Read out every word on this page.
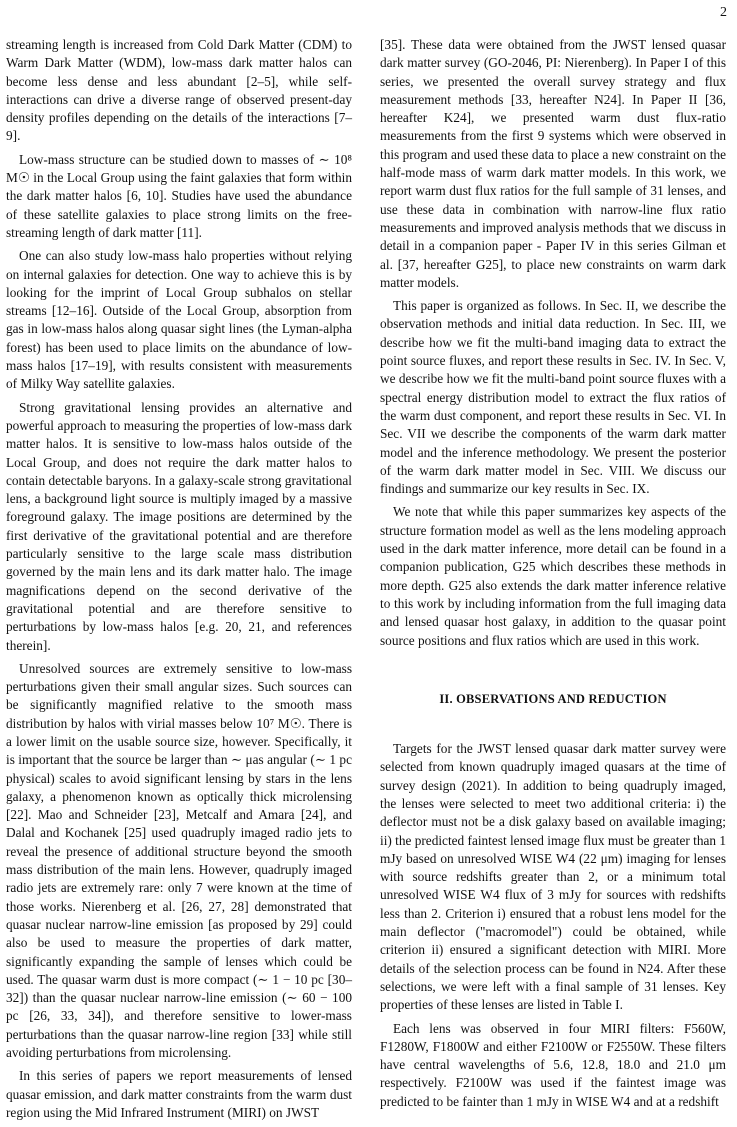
2

streaming length is increased from Cold Dark Matter (CDM) to Warm Dark Matter (WDM), low-mass dark matter halos can become less dense and less abundant [2–5], while self-interactions can drive a diverse range of observed present-day density profiles depending on the details of the interactions [7–9].

Low-mass structure can be studied down to masses of ∼ 10⁸ M☉ in the Local Group using the faint galaxies that form within the dark matter halos [6, 10]. Studies have used the abundance of these satellite galaxies to place strong limits on the free-streaming length of dark matter [11].

One can also study low-mass halo properties without relying on internal galaxies for detection. One way to achieve this is by looking for the imprint of Local Group subhalos on stellar streams [12–16]. Outside of the Local Group, absorption from gas in low-mass halos along quasar sight lines (the Lyman-alpha forest) has been used to place limits on the abundance of low-mass halos [17–19], with results consistent with measurements of Milky Way satellite galaxies.

Strong gravitational lensing provides an alternative and powerful approach to measuring the properties of low-mass dark matter halos. It is sensitive to low-mass halos outside of the Local Group, and does not require the dark matter halos to contain detectable baryons. In a galaxy-scale strong gravitational lens, a background light source is multiply imaged by a massive foreground galaxy. The image positions are determined by the first derivative of the gravitational potential and are therefore particularly sensitive to the large scale mass distribution governed by the main lens and its dark matter halo. The image magnifications depend on the second derivative of the gravitational potential and are therefore sensitive to perturbations by low-mass halos [e.g. 20, 21, and references therein].

Unresolved sources are extremely sensitive to low-mass perturbations given their small angular sizes. Such sources can be significantly magnified relative to the smooth mass distribution by halos with virial masses below 10⁷ M☉. There is a lower limit on the usable source size, however. Specifically, it is important that the source be larger than ∼ μas angular (∼ 1 pc physical) scales to avoid significant lensing by stars in the lens galaxy, a phenomenon known as optically thick microlensing [22]. Mao and Schneider [23], Metcalf and Amara [24], and Dalal and Kochanek [25] used quadruply imaged radio jets to reveal the presence of additional structure beyond the smooth mass distribution of the main lens. However, quadruply imaged radio jets are extremely rare: only 7 were known at the time of those works. Nierenberg et al. [26, 27, 28] demonstrated that quasar nuclear narrow-line emission [as proposed by 29] could also be used to measure the properties of dark matter, significantly expanding the sample of lenses which could be used. The quasar warm dust is more compact (∼ 1 − 10 pc [30–32]) than the quasar nuclear narrow-line emission (∼ 60 − 100 pc [26, 33, 34]), and therefore sensitive to lower-mass perturbations than the quasar narrow-line region [33] while still avoiding perturbations from microlensing.

In this series of papers we report measurements of lensed quasar emission, and dark matter constraints from the warm dust region using the Mid Infrared Instrument (MIRI) on JWST

[35]. These data were obtained from the JWST lensed quasar dark matter survey (GO-2046, PI: Nierenberg). In Paper I of this series, we presented the overall survey strategy and flux measurement methods [33, hereafter N24]. In Paper II [36, hereafter K24], we presented warm dust flux-ratio measurements from the first 9 systems which were observed in this program and used these data to place a new constraint on the half-mode mass of warm dark matter models. In this work, we report warm dust flux ratios for the full sample of 31 lenses, and use these data in combination with narrow-line flux ratio measurements and improved analysis methods that we discuss in detail in a companion paper - Paper IV in this series Gilman et al. [37, hereafter G25], to place new constraints on warm dark matter models.

This paper is organized as follows. In Sec. II, we describe the observation methods and initial data reduction. In Sec. III, we describe how we fit the multi-band imaging data to extract the point source fluxes, and report these results in Sec. IV. In Sec. V, we describe how we fit the multi-band point source fluxes with a spectral energy distribution model to extract the flux ratios of the warm dust component, and report these results in Sec. VI. In Sec. VII we describe the components of the warm dark matter model and the inference methodology. We present the posterior of the warm dark matter model in Sec. VIII. We discuss our findings and summarize our key results in Sec. IX.

We note that while this paper summarizes key aspects of the structure formation model as well as the lens modeling approach used in the dark matter inference, more detail can be found in a companion publication, G25 which describes these methods in more depth. G25 also extends the dark matter inference relative to this work by including information from the full imaging data and lensed quasar host galaxy, in addition to the quasar point source positions and flux ratios which are used in this work.

II. OBSERVATIONS AND REDUCTION

Targets for the JWST lensed quasar dark matter survey were selected from known quadruply imaged quasars at the time of survey design (2021). In addition to being quadruply imaged, the lenses were selected to meet two additional criteria: i) the deflector must not be a disk galaxy based on available imaging; ii) the predicted faintest lensed image flux must be greater than 1 mJy based on unresolved WISE W4 (22 μm) imaging for lenses with source redshifts greater than 2, or a minimum total unresolved WISE W4 flux of 3 mJy for sources with redshifts less than 2. Criterion i) ensured that a robust lens model for the main deflector ("macromodel") could be obtained, while criterion ii) ensured a significant detection with MIRI. More details of the selection process can be found in N24. After these selections, we were left with a final sample of 31 lenses. Key properties of these lenses are listed in Table I.

Each lens was observed in four MIRI filters: F560W, F1280W, F1800W and either F2100W or F2550W. These filters have central wavelengths of 5.6, 12.8, 18.0 and 21.0 μm respectively. F2100W was used if the faintest image was predicted to be fainter than 1 mJy in WISE W4 and at a redshift
